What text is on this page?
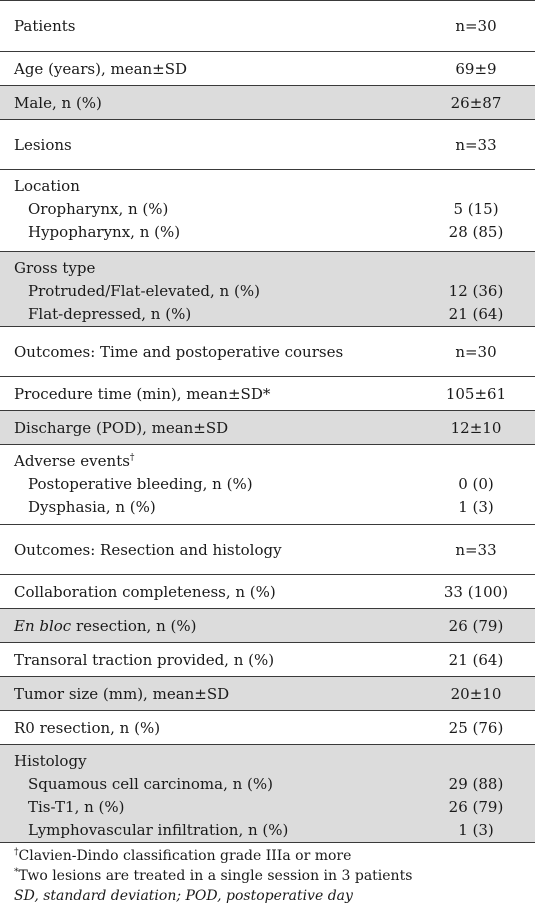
Patients	n=30
Age (years), mean±SD	69±9
Male, n (%)	26±87
Lesions	n=33
Location
Oropharynx, n (%)	5 (15)
Hypopharynx, n (%)	28 (85)
Gross type
Protruded/Flat-elevated, n (%)	12 (36)
Flat-depressed, n (%)	21 (64)
Outcomes: Time and postoperative courses	n=30
Procedure time (min), mean±SD*	105±61
Discharge (POD), mean±SD	12±10
Adverse events†
Postoperative bleeding, n (%)	0 (0)
Dysphasia, n (%)	1 (3)
Outcomes: Resection and histology	n=33
Collaboration completeness, n (%)	33 (100)
En bloc resection, n (%)	26 (79)
Transoral traction provided, n (%)	21 (64)
Tumor size (mm), mean±SD	20±10
R0 resection, n (%)	25 (76)
Histology
Squamous cell carcinoma, n (%)	29 (88)
Tis-T1, n (%)	26 (79)
Lymphovascular infiltration, n (%)	1 (3)
†Clavien-Dindo classification grade IIIa or more
*Two lesions are treated in a single session in 3 patients
SD, standard deviation; POD, postoperative day
